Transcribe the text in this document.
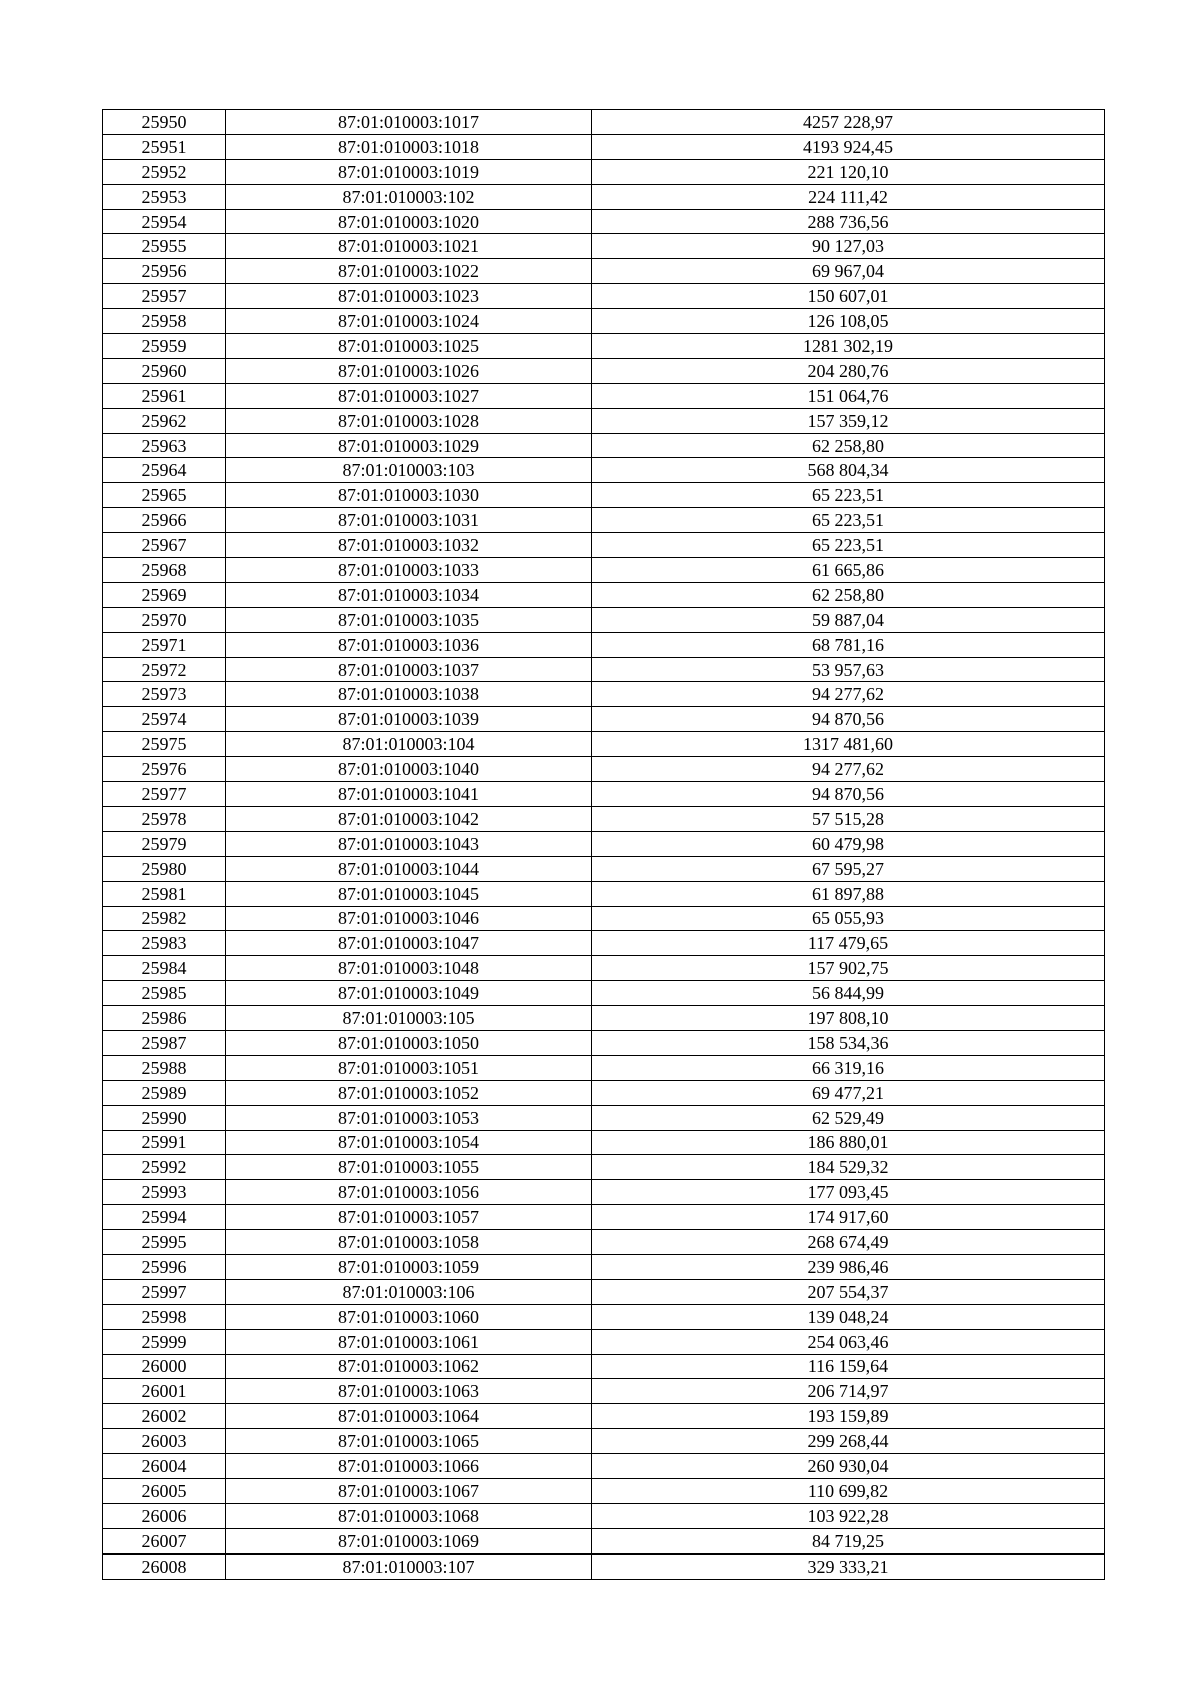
25950	87:01:010003:1017	4257 228,97
25951	87:01:010003:1018	4193 924,45
25952	87:01:010003:1019	221 120,10
25953	87:01:010003:102	224 111,42
25954	87:01:010003:1020	288 736,56
25955	87:01:010003:1021	90 127,03
25956	87:01:010003:1022	69 967,04
25957	87:01:010003:1023	150 607,01
25958	87:01:010003:1024	126 108,05
25959	87:01:010003:1025	1281 302,19
25960	87:01:010003:1026	204 280,76
25961	87:01:010003:1027	151 064,76
25962	87:01:010003:1028	157 359,12
25963	87:01:010003:1029	62 258,80
25964	87:01:010003:103	568 804,34
25965	87:01:010003:1030	65 223,51
25966	87:01:010003:1031	65 223,51
25967	87:01:010003:1032	65 223,51
25968	87:01:010003:1033	61 665,86
25969	87:01:010003:1034	62 258,80
25970	87:01:010003:1035	59 887,04
25971	87:01:010003:1036	68 781,16
25972	87:01:010003:1037	53 957,63
25973	87:01:010003:1038	94 277,62
25974	87:01:010003:1039	94 870,56
25975	87:01:010003:104	1317 481,60
25976	87:01:010003:1040	94 277,62
25977	87:01:010003:1041	94 870,56
25978	87:01:010003:1042	57 515,28
25979	87:01:010003:1043	60 479,98
25980	87:01:010003:1044	67 595,27
25981	87:01:010003:1045	61 897,88
25982	87:01:010003:1046	65 055,93
25983	87:01:010003:1047	117 479,65
25984	87:01:010003:1048	157 902,75
25985	87:01:010003:1049	56 844,99
25986	87:01:010003:105	197 808,10
25987	87:01:010003:1050	158 534,36
25988	87:01:010003:1051	66 319,16
25989	87:01:010003:1052	69 477,21
25990	87:01:010003:1053	62 529,49
25991	87:01:010003:1054	186 880,01
25992	87:01:010003:1055	184 529,32
25993	87:01:010003:1056	177 093,45
25994	87:01:010003:1057	174 917,60
25995	87:01:010003:1058	268 674,49
25996	87:01:010003:1059	239 986,46
25997	87:01:010003:106	207 554,37
25998	87:01:010003:1060	139 048,24
25999	87:01:010003:1061	254 063,46
26000	87:01:010003:1062	116 159,64
26001	87:01:010003:1063	206 714,97
26002	87:01:010003:1064	193 159,89
26003	87:01:010003:1065	299 268,44
26004	87:01:010003:1066	260 930,04
26005	87:01:010003:1067	110 699,82
26006	87:01:010003:1068	103 922,28
26007	87:01:010003:1069	84 719,25
26008	87:01:010003:107	329 333,21
